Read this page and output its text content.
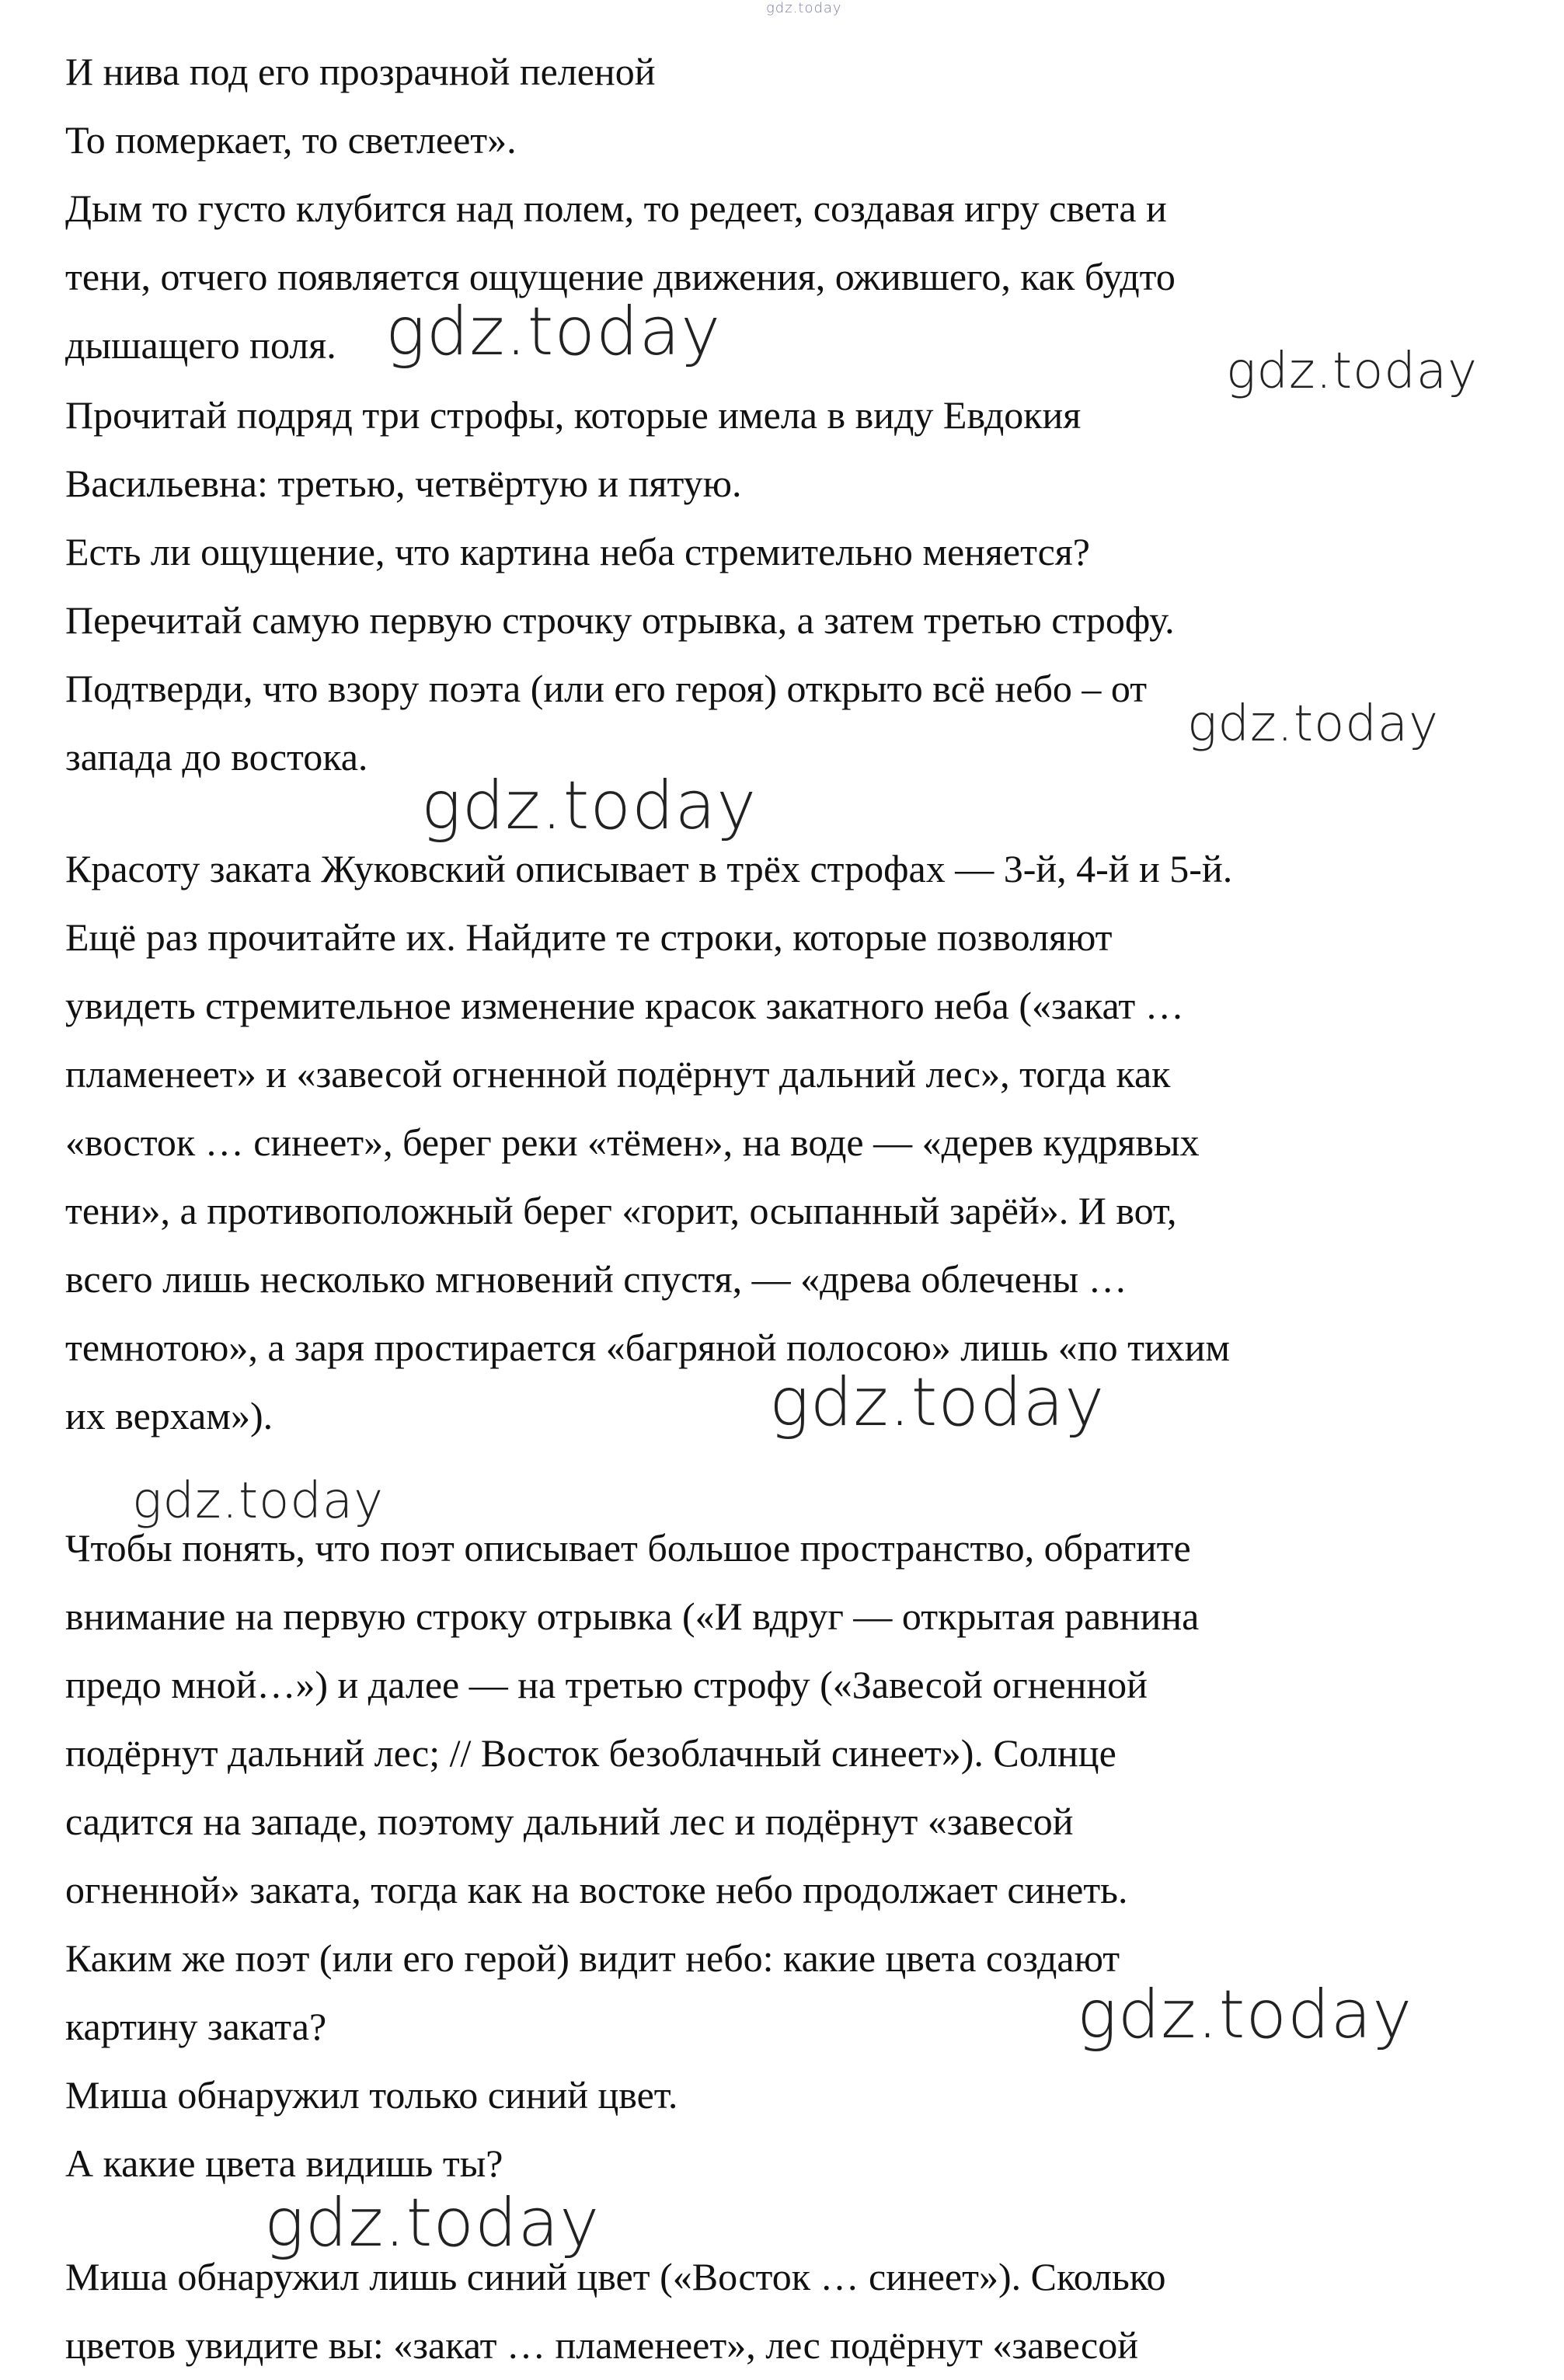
gdz.today
И нива под его прозрачной пеленой
То померкает, то светлеет».
Дым то густо клубится над полем, то редеет, создавая игру света и
тени, отчего появляется ощущение движения, ожившего, как будто
дышащего поля.
Прочитай подряд три строфы, которые имела в виду Евдокия
Васильевна: третью, четвёртую и пятую.
Есть ли ощущение, что картина неба стремительно меняется?
Перечитай самую первую строчку отрывка, а затем третью строфу.
Подтверди, что взору поэта (или его героя) открыто всё небо – от
запада до востока.
Красоту заката Жуковский описывает в трёх строфах — 3-й, 4-й и 5-й.
Ещё раз прочитайте их. Найдите те строки, которые позволяют
увидеть стремительное изменение красок закатного неба («закат …
пламенеет» и «завесой огненной подёрнут дальний лес», тогда как
«восток … синеет», берег реки «тёмен», на воде — «дерев кудрявых
тени», а противоположный берег «горит, осыпанный зарёй». И вот,
всего лишь несколько мгновений спустя, — «древа облечены …
темнотою», а заря простирается «багряной полосою» лишь «по тихим
их верхам»).
Чтобы понять, что поэт описывает большое пространство, обратите
внимание на первую строку отрывка («И вдруг — открытая равнина
предо мной…») и далее — на третью строфу («Завесой огненной
подёрнут дальний лес; // Восток безоблачный синеет»). Солнце
садится на западе, поэтому дальний лес и подёрнут «завесой
огненной» заката, тогда как на востоке небо продолжает синеть.
Каким же поэт (или его герой) видит небо: какие цвета создают
картину заката?
Миша обнаружил только синий цвет.
А какие цвета видишь ты?
Миша обнаружил лишь синий цвет («Восток … синеет»). Сколько
цветов увидите вы: «закат … пламенеет», лес подёрнут «завесой
gdz.today
gdz.today
gdz.today
gdz.today
gdz.today
gdz.today
gdz.today
gdz.today
